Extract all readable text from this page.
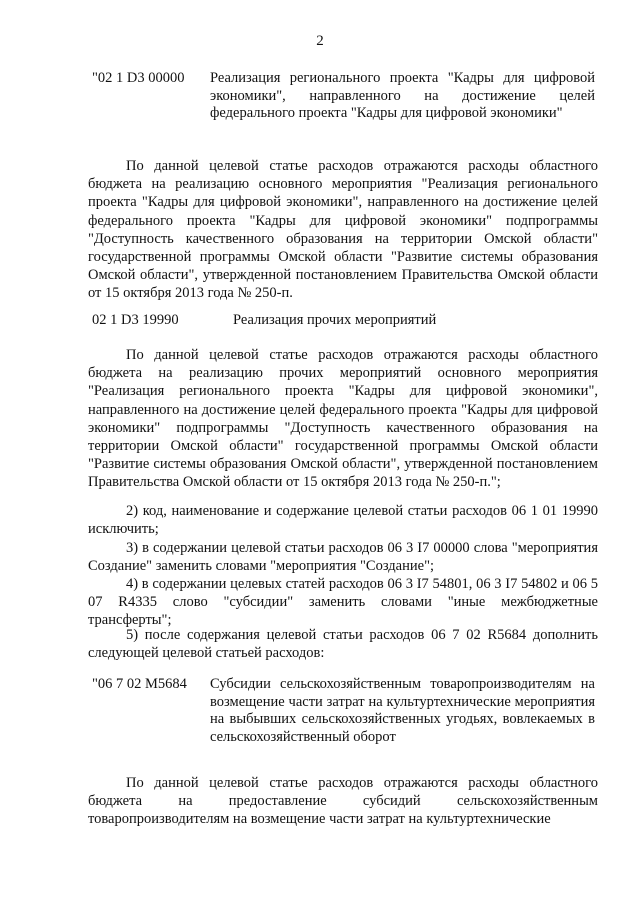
2
"02 1 D3 00000 Реализация регионального проекта "Кадры для цифровой экономики", направленного на достижение целей федерального проекта "Кадры для цифровой экономики"
По данной целевой статье расходов отражаются расходы областного бюджета на реализацию основного мероприятия "Реализация регионального проекта "Кадры для цифровой экономики", направленного на достижение целей федерального проекта "Кадры для цифровой экономики" подпрограммы "Доступность качественного образования на территории Омской области" государственной программы Омской области "Развитие системы образования Омской области", утвержденной постановлением Правительства Омской области от 15 октября 2013 года № 250-п.
02 1 D3 19990	Реализация прочих мероприятий
По данной целевой статье расходов отражаются расходы областного бюджета на реализацию прочих мероприятий основного мероприятия "Реализация регионального проекта "Кадры для цифровой экономики", направленного на достижение целей федерального проекта "Кадры для цифровой экономики" подпрограммы "Доступность качественного образования на территории Омской области" государственной программы Омской области "Развитие системы образования Омской области", утвержденной постановлением Правительства Омской области от 15 октября 2013 года № 250-п.";
2) код, наименование и содержание целевой статьи расходов 06 1 01 19990 исключить;
3) в содержании целевой статьи расходов 06 3 I7 00000 слова "мероприятия Создание" заменить словами "мероприятия "Создание";
4) в содержании целевых статей расходов 06 3 I7 54801, 06 3 I7 54802 и 06 5 07 R4335 слово "субсидии" заменить словами "иные межбюджетные трансферты";
5) после содержания целевой статьи расходов 06 7 02 R5684 дополнить следующей целевой статьей расходов:
"06 7 02 M5684 Субсидии сельскохозяйственным товаропроизводителям на возмещение части затрат на культуртехнические мероприятия на выбывших сельскохозяйственных угодьях, вовлекаемых в сельскохозяйственный оборот
По данной целевой статье расходов отражаются расходы областного бюджета на предоставление субсидий сельскохозяйственным товаропроизводителям на возмещение части затрат на культуртехнические
